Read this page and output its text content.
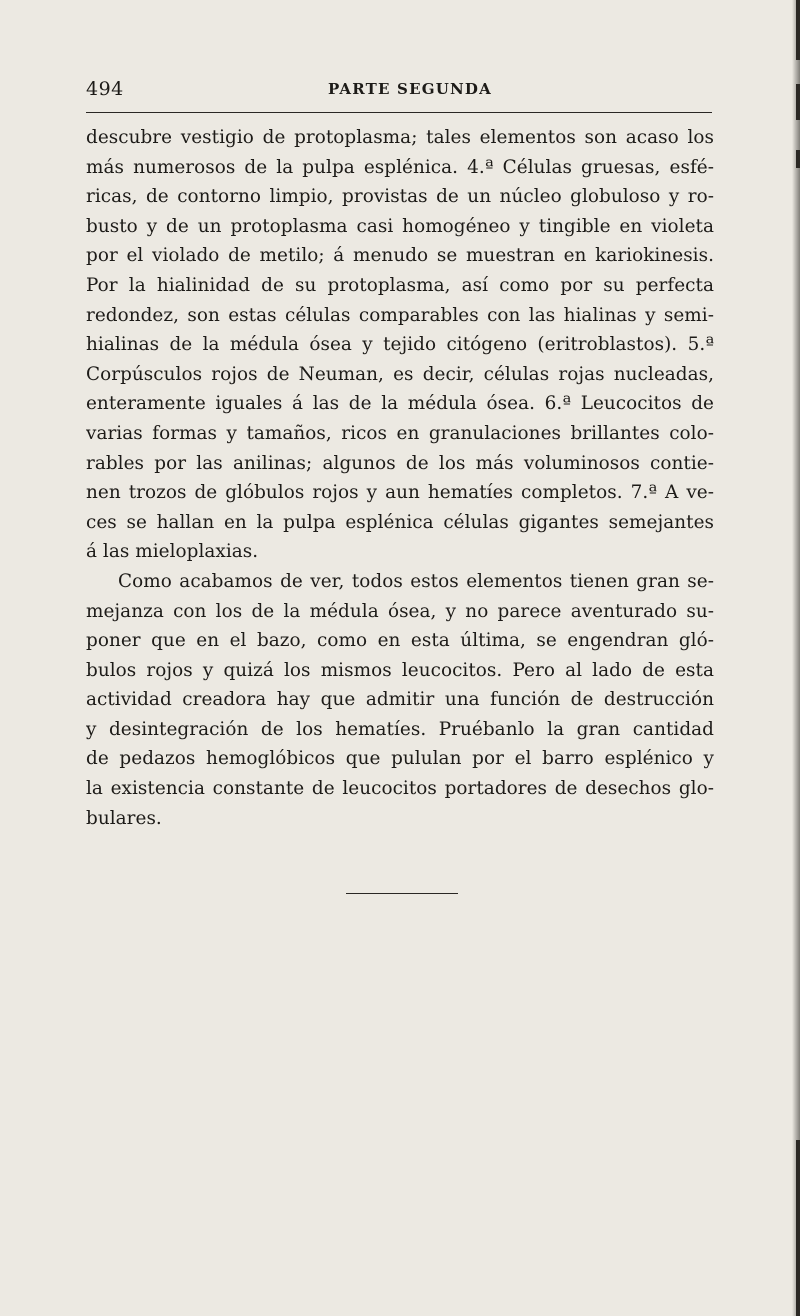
494	PARTE SEGUNDA
descubre vestigio de protoplasma; tales elementos son acaso los
más numerosos de la pulpa esplénica. 4.ª Células gruesas, esfé-
ricas, de contorno limpio, provistas de un núcleo globuloso y ro-
busto y de un protoplasma casi homogéneo y tingible en violeta
por el violado de metilo; á menudo se muestran en kariokinesis.
Por la hialinidad de su protoplasma, así como por su perfecta
redondez, son estas células comparables con las hialinas y semi-
hialinas de la médula ósea y tejido citógeno (eritroblastos). 5.ª
Corpúsculos rojos de Neuman, es decir, células rojas nucleadas,
enteramente iguales á las de la médula ósea. 6.ª Leucocitos de
varias formas y tamaños, ricos en granulaciones brillantes colo-
rables por las anilinas; algunos de los más voluminosos contie-
nen trozos de glóbulos rojos y aun hematíes completos. 7.ª A ve-
ces se hallan en la pulpa esplénica células gigantes semejantes
á las mieloplaxias.
Como acabamos de ver, todos estos elementos tienen gran se-
mejanza con los de la médula ósea, y no parece aventurado su-
poner que en el bazo, como en esta última, se engendran gló-
bulos rojos y quizá los mismos leucocitos. Pero al lado de esta
actividad creadora hay que admitir una función de destrucción
y desintegración de los hematíes. Pruébanlo la gran cantidad
de pedazos hemoglóbicos que pululan por el barro esplénico y
la existencia constante de leucocitos portadores de desechos glo-
bulares.
